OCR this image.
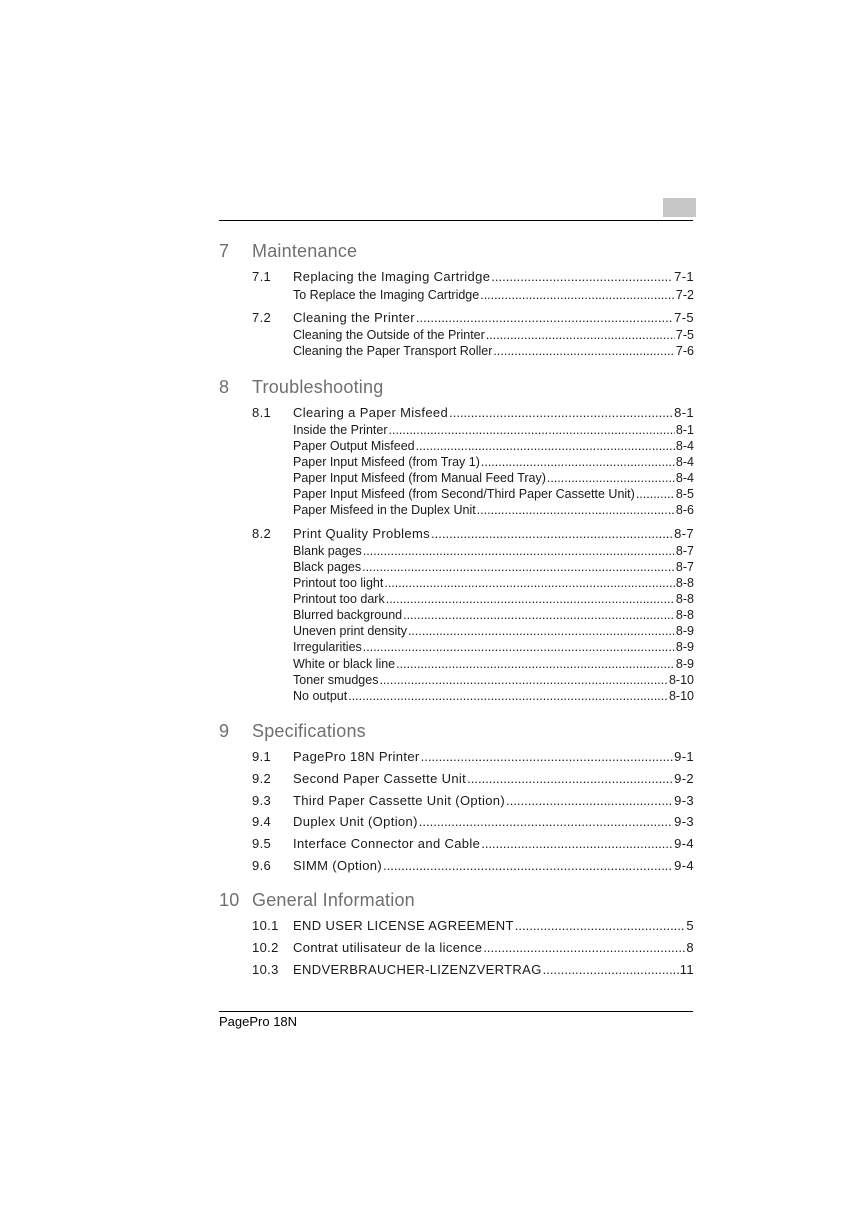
7 Maintenance
7.1	Replacing the Imaging Cartridge .....	7-1
To Replace the Imaging Cartridge .....	7-2
7.2	Cleaning the Printer .....	7-5
Cleaning the Outside of the Printer .....	7-5
Cleaning the Paper Transport Roller .....	7-6
8 Troubleshooting
8.1	Clearing a Paper Misfeed .....	8-1
Inside the Printer .....	8-1
Paper Output Misfeed .....	8-4
Paper Input Misfeed (from Tray 1) .....	8-4
Paper Input Misfeed (from Manual Feed Tray) .....	8-4
Paper Input Misfeed (from Second/Third Paper Cassette Unit) .....	8-5
Paper Misfeed in the Duplex Unit .....	8-6
8.2	Print Quality Problems .....	8-7
Blank pages .....	8-7
Black pages .....	8-7
Printout too light .....	8-8
Printout too dark .....	8-8
Blurred background .....	8-8
Uneven print density .....	8-9
Irregularities .....	8-9
White or black line .....	8-9
Toner smudges .....	8-10
No output .....	8-10
9 Specifications
9.1	PagePro 18N Printer .....	9-1
9.2	Second Paper Cassette Unit .....	9-2
9.3	Third Paper Cassette Unit (Option) .....	9-3
9.4	Duplex Unit (Option) .....	9-3
9.5	Interface Connector and Cable .....	9-4
9.6	SIMM (Option) .....	9-4
10 General Information
10.1	END USER LICENSE AGREEMENT .....	5
10.2	Contrat utilisateur de la licence .....	8
10.3	ENDVERBRAUCHER-LIZENZVERTRAG .....	11
PagePro 18N
